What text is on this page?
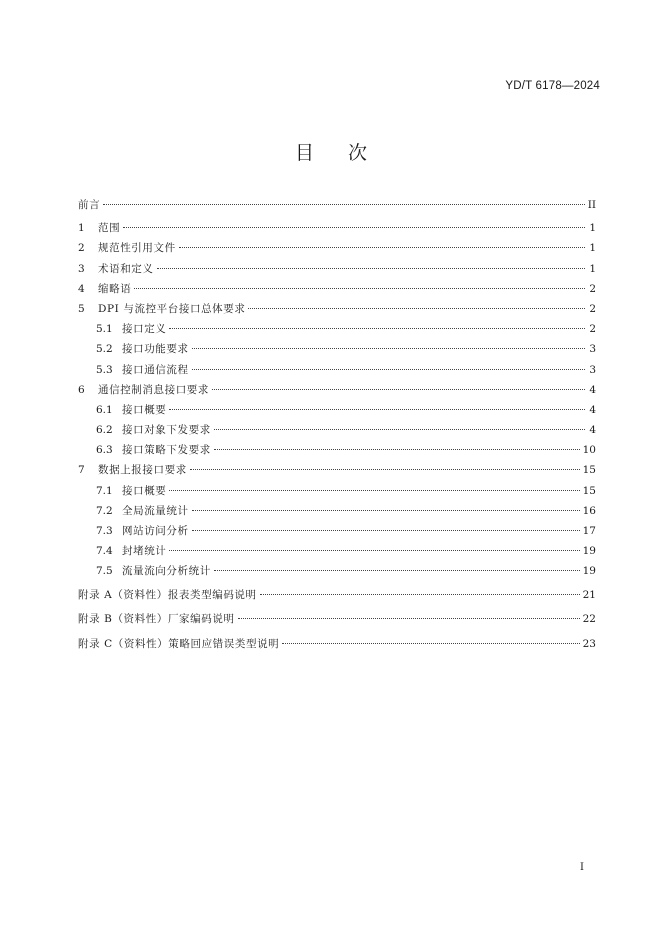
YD/T 6178—2024
目 次
前言	II
1	范围	1
2	规范性引用文件	1
3	术语和定义	1
4	缩略语	2
5	DPI 与流控平台接口总体要求	2
5.1 接口定义	2
5.2 接口功能要求	3
5.3 接口通信流程	3
6	通信控制消息接口要求	4
6.1 接口概要	4
6.2 接口对象下发要求	4
6.3 接口策略下发要求	10
7	数据上报接口要求	15
7.1 接口概要	15
7.2 全局流量统计	16
7.3 网站访问分析	17
7.4 封堵统计	19
7.5 流量流向分析统计	19
附录 A（资料性）报表类型编码说明	21
附录 B（资料性）厂家编码说明	22
附录 C（资料性）策略回应错误类型说明	23
I
